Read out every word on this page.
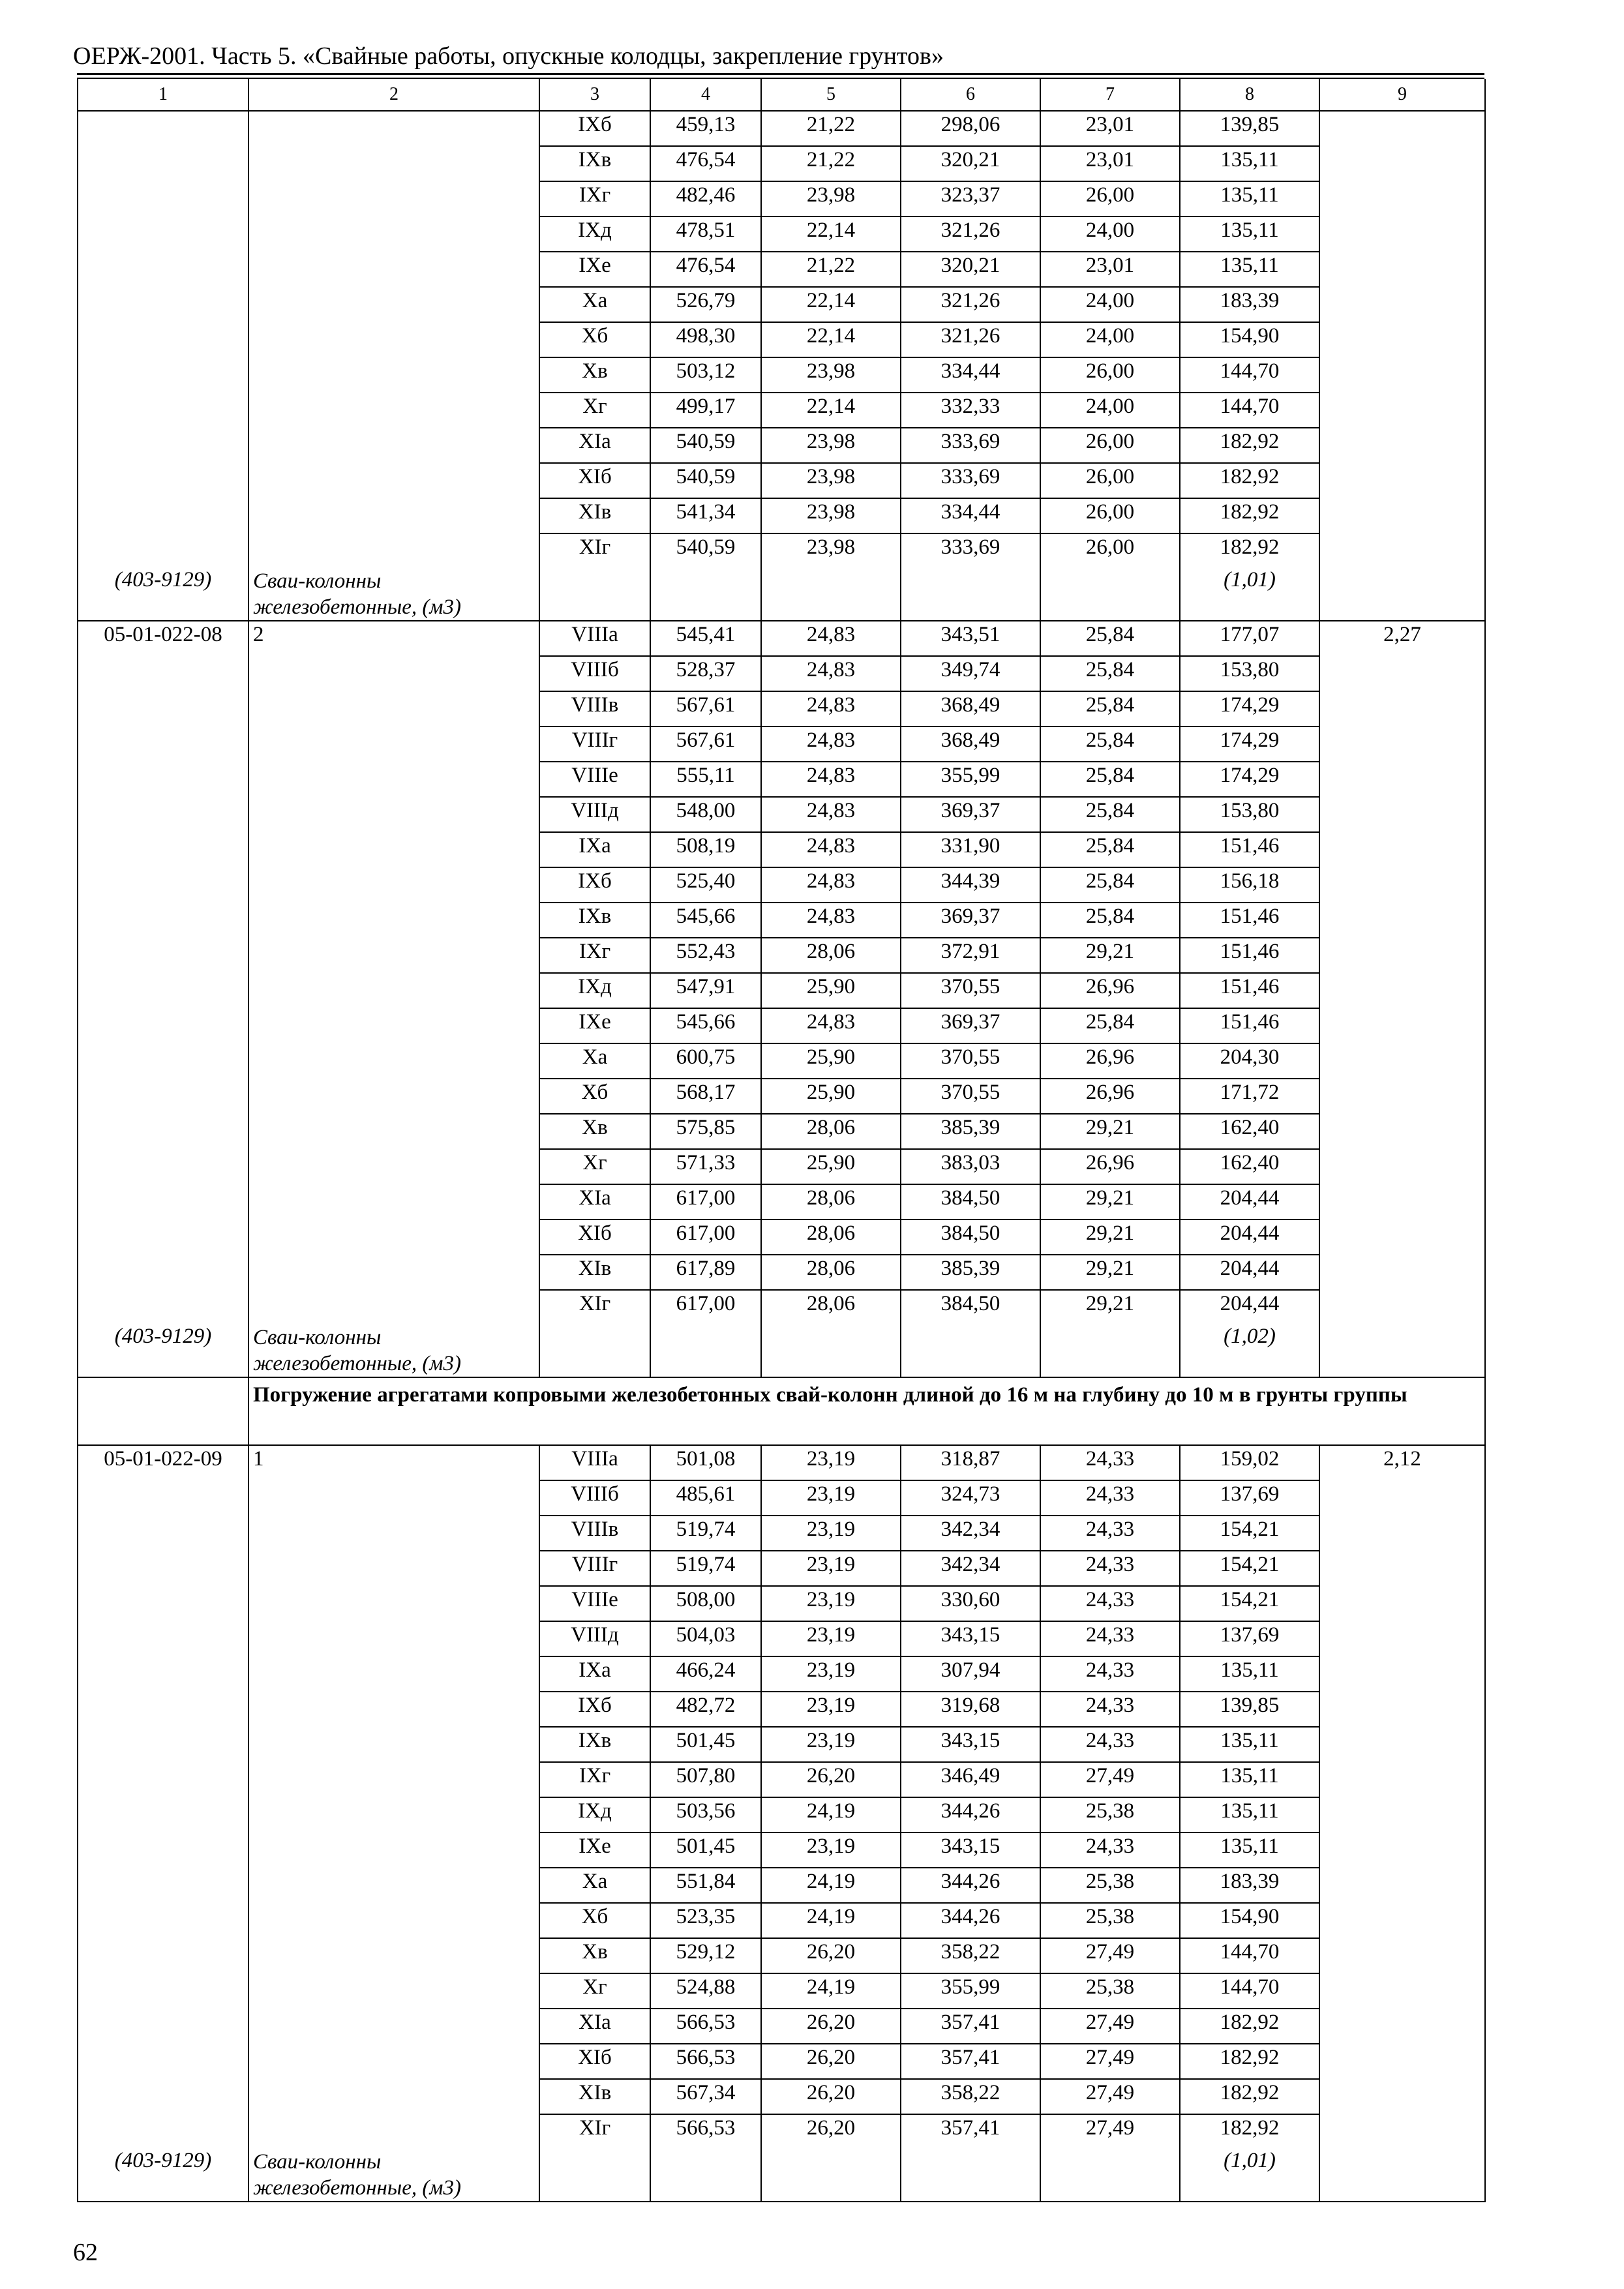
ОЕРЖ-2001. Часть 5. «Свайные работы, опускные колодцы, закрепление грунтов»
1	2	3	4	5	6	7	8	9
		IXб	459,13	21,22	298,06	23,01	139,85	
		IXв	476,54	21,22	320,21	23,01	135,11	
		IXг	482,46	23,98	323,37	26,00	135,11	
		IXд	478,51	22,14	321,26	24,00	135,11	
		IXе	476,54	21,22	320,21	23,01	135,11	
		Xа	526,79	22,14	321,26	24,00	183,39	
		Xб	498,30	22,14	321,26	24,00	154,90	
		Xв	503,12	23,98	334,44	26,00	144,70	
		Xг	499,17	22,14	332,33	24,00	144,70	
		XIа	540,59	23,98	333,69	26,00	182,92	
		XIб	540,59	23,98	333,69	26,00	182,92	
		XIв	541,34	23,98	334,44	26,00	182,92	
		XIг	540,59	23,98	333,69	26,00	182,92	
(403-9129)	Сваи-колонны железобетонные, (м3)						(1,01)	
05-01-022-08	2	VIIIа	545,41	24,83	343,51	25,84	177,07	2,27
		VIIIб	528,37	24,83	349,74	25,84	153,80	
		VIIIв	567,61	24,83	368,49	25,84	174,29	
		VIIIг	567,61	24,83	368,49	25,84	174,29	
		VIIIе	555,11	24,83	355,99	25,84	174,29	
		VIIIд	548,00	24,83	369,37	25,84	153,80	
		IXа	508,19	24,83	331,90	25,84	151,46	
		IXб	525,40	24,83	344,39	25,84	156,18	
		IXв	545,66	24,83	369,37	25,84	151,46	
		IXг	552,43	28,06	372,91	29,21	151,46	
		IXд	547,91	25,90	370,55	26,96	151,46	
		IXе	545,66	24,83	369,37	25,84	151,46	
		Xа	600,75	25,90	370,55	26,96	204,30	
		Xб	568,17	25,90	370,55	26,96	171,72	
		Xв	575,85	28,06	385,39	29,21	162,40	
		Xг	571,33	25,90	383,03	26,96	162,40	
		XIа	617,00	28,06	384,50	29,21	204,44	
		XIб	617,00	28,06	384,50	29,21	204,44	
		XIв	617,89	28,06	385,39	29,21	204,44	
		XIг	617,00	28,06	384,50	29,21	204,44	
(403-9129)	Сваи-колонны железобетонные, (м3)						(1,02)	
	Погружение агрегатами копровыми железобетонных свай-колонн длиной до 16 м на глубину до 10 м в грунты группы							
05-01-022-09	1	VIIIа	501,08	23,19	318,87	24,33	159,02	2,12
		VIIIб	485,61	23,19	324,73	24,33	137,69	
		VIIIв	519,74	23,19	342,34	24,33	154,21	
		VIIIг	519,74	23,19	342,34	24,33	154,21	
		VIIIе	508,00	23,19	330,60	24,33	154,21	
		VIIIд	504,03	23,19	343,15	24,33	137,69	
		IXа	466,24	23,19	307,94	24,33	135,11	
		IXб	482,72	23,19	319,68	24,33	139,85	
		IXв	501,45	23,19	343,15	24,33	135,11	
		IXг	507,80	26,20	346,49	27,49	135,11	
		IXд	503,56	24,19	344,26	25,38	135,11	
		IXе	501,45	23,19	343,15	24,33	135,11	
		Xа	551,84	24,19	344,26	25,38	183,39	
		Xб	523,35	24,19	344,26	25,38	154,90	
		Xв	529,12	26,20	358,22	27,49	144,70	
		Xг	524,88	24,19	355,99	25,38	144,70	
		XIа	566,53	26,20	357,41	27,49	182,92	
		XIб	566,53	26,20	357,41	27,49	182,92	
		XIв	567,34	26,20	358,22	27,49	182,92	
		XIг	566,53	26,20	357,41	27,49	182,92	
(403-9129)	Сваи-колонны железобетонные, (м3)						(1,01)	
62
